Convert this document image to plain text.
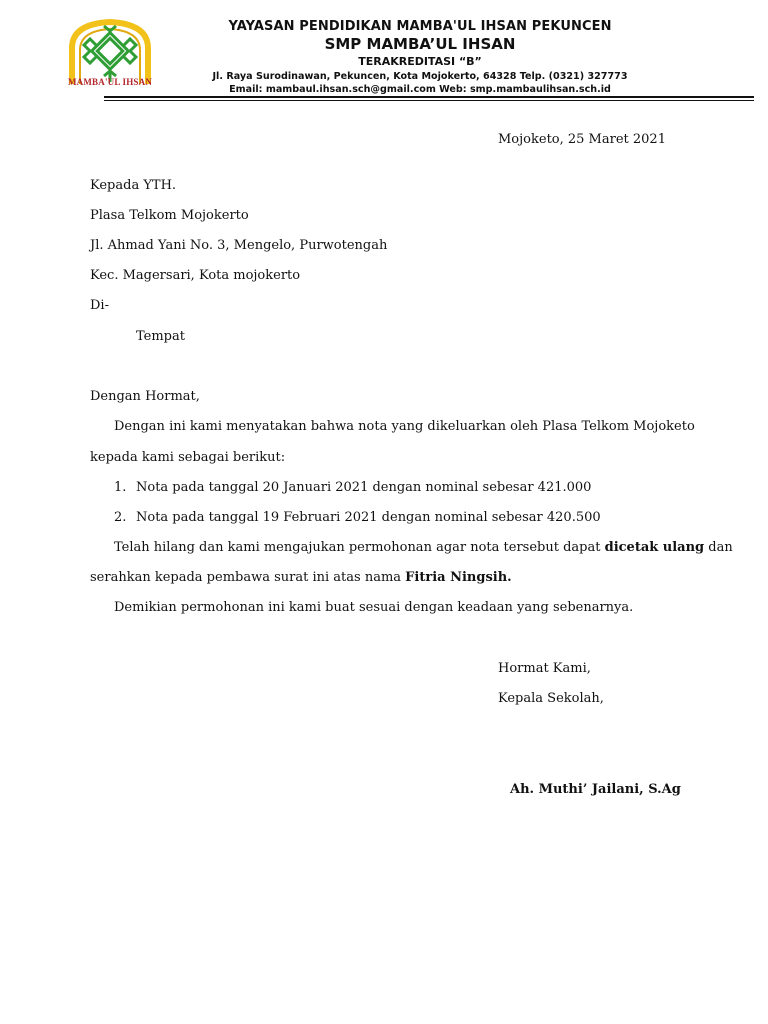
MAMBA'UL IHSAN

YAYASAN PENDIDIKAN MAMBA'UL IHSAN PEKUNCEN

SMP MAMBA’UL IHSAN

TERAKREDITASI “B”

Jl. Raya Surodinawan, Pekuncen, Kota Mojokerto, 64328 Telp. (0321) 327773

Email: mambaul.ihsan.sch@gmail.com Web: smp.mambaulihsan.sch.id

Mojoketo, 25 Maret 2021
Kepada YTH.
Plasa Telkom Mojokerto
Jl. Ahmad Yani No. 3, Mengelo, Purwotengah
Kec. Magersari, Kota mojokerto
Di-
Tempat
Dengan Hormat,
Dengan ini kami menyatakan bahwa nota yang dikeluarkan oleh Plasa Telkom Mojoketo
kepada kami sebagai berikut:
1. Nota pada tanggal 20 Januari 2021 dengan nominal sebesar 421.000
2. Nota pada tanggal 19 Februari 2021 dengan nominal sebesar 420.500
Telah hilang dan kami mengajukan permohonan agar nota tersebut dapat dicetak ulang dan
serahkan kepada pembawa surat ini atas nama Fitria Ningsih.
Demikian permohonan ini kami buat sesuai dengan keadaan yang sebenarnya.
Hormat Kami,
Kepala Sekolah,
Ah. Muthi’ Jailani, S.Ag
